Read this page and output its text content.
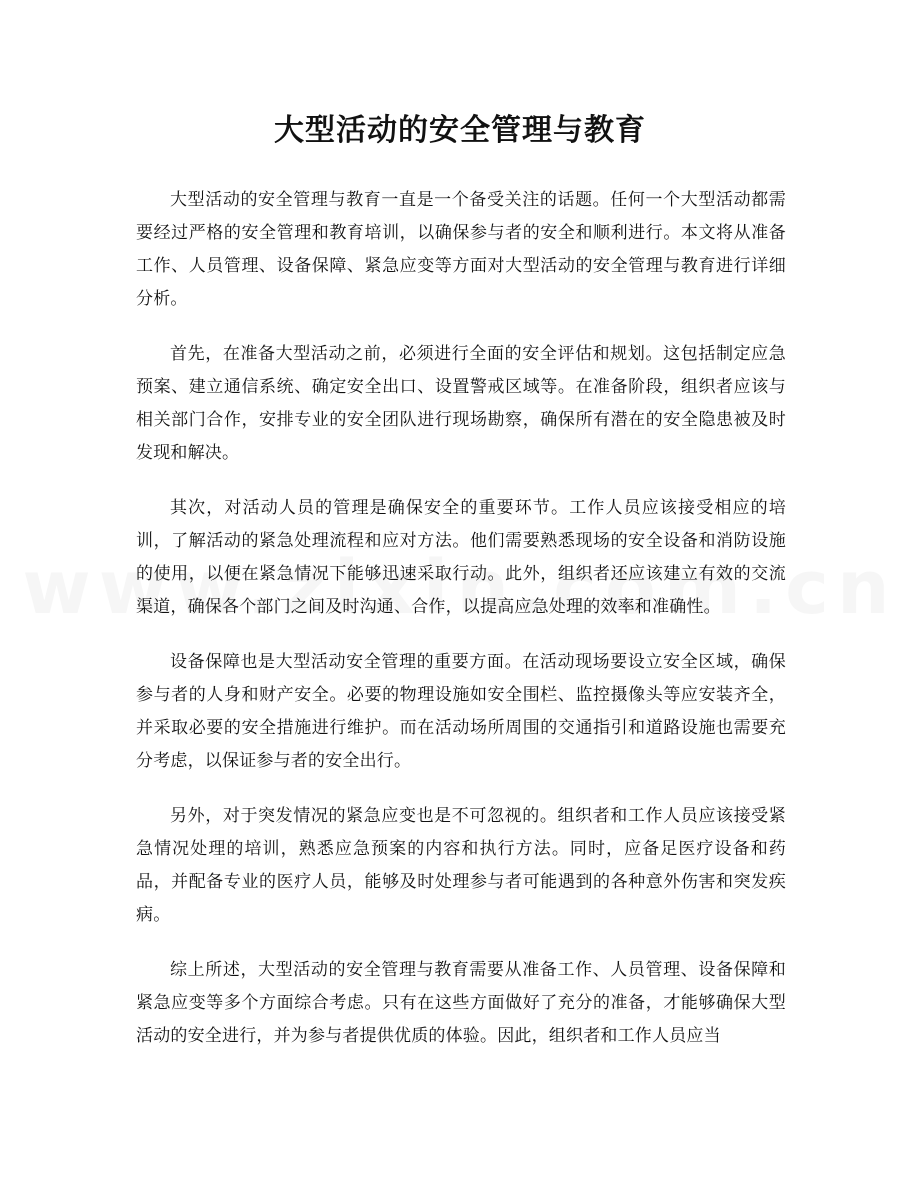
大型活动的安全管理与教育

大型活动的安全管理与教育一直是一个备受关注的话题。任何一个大型活动都需要经过严格的安全管理和教育培训，以确保参与者的安全和顺利进行。本文将从准备工作、人员管理、设备保障、紧急应变等方面对大型活动的安全管理与教育进行详细分析。

首先，在准备大型活动之前，必须进行全面的安全评估和规划。这包括制定应急预案、建立通信系统、确定安全出口、设置警戒区域等。在准备阶段，组织者应该与相关部门合作，安排专业的安全团队进行现场勘察，确保所有潜在的安全隐患被及时发现和解决。

其次，对活动人员的管理是确保安全的重要环节。工作人员应该接受相应的培训，了解活动的紧急处理流程和应对方法。他们需要熟悉现场的安全设备和消防设施的使用，以便在紧急情况下能够迅速采取行动。此外，组织者还应该建立有效的交流渠道，确保各个部门之间及时沟通、合作，以提高应急处理的效率和准确性。

设备保障也是大型活动安全管理的重要方面。在活动现场要设立安全区域，确保参与者的人身和财产安全。必要的物理设施如安全围栏、监控摄像头等应安装齐全，并采取必要的安全措施进行维护。而在活动场所周围的交通指引和道路设施也需要充分考虑，以保证参与者的安全出行。

另外，对于突发情况的紧急应变也是不可忽视的。组织者和工作人员应该接受紧急情况处理的培训，熟悉应急预案的内容和执行方法。同时，应备足医疗设备和药品，并配备专业的医疗人员，能够及时处理参与者可能遇到的各种意外伤害和突发疾病。

综上所述，大型活动的安全管理与教育需要从准备工作、人员管理、设备保障和紧急应变等多个方面综合考虑。只有在这些方面做好了充分的准备，才能够确保大型活动的安全进行，并为参与者提供优质的体验。因此，组织者和工作人员应当
